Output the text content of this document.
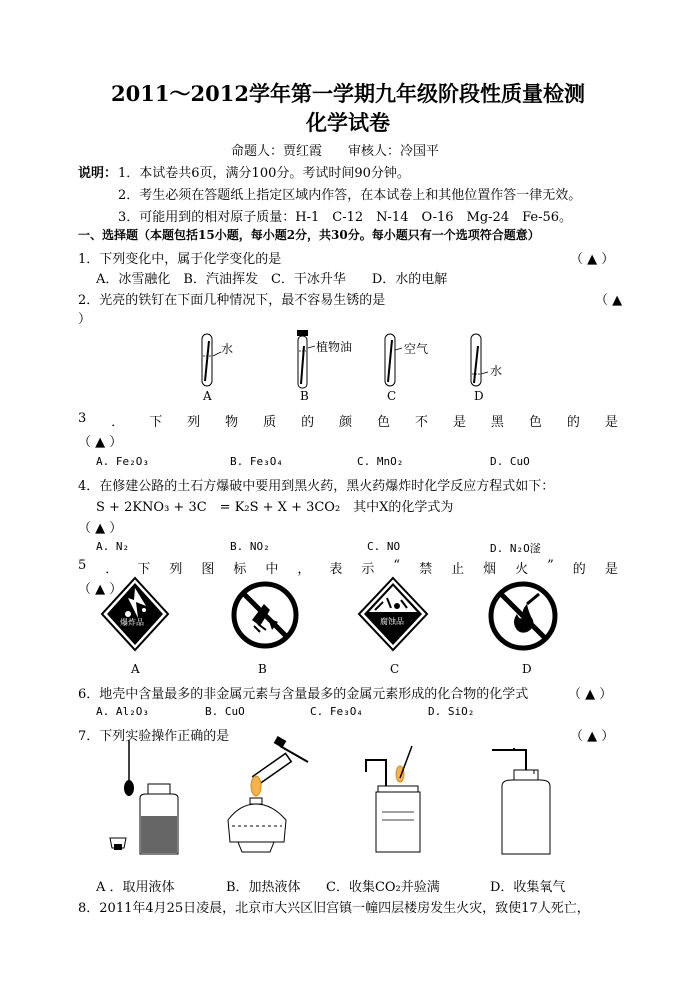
2011～2012学年第一学期九年级阶段性质量检测
化学试卷
命题人：贾红霞　　审核人：冷国平
说明： 1．本试卷共6页，满分100分。考试时间90分钟。
2．考生必须在答题纸上指定区域内作答，在本试卷上和其他位置作答一律无效。
3．可能用到的相对原子质量：H-1　C-12　N-14　O-16　Mg-24　Fe-56。
一、选择题（本题包括15小题，每小题2分，共30分。每小题只有一个选项符合题意）
1．下列变化中，属于化学变化的是	（ ▲ ）
A．冰雪融化　B．汽油挥发　C．干冰升华　　D．水的电解
2．光亮的铁钉在下面几种情况下，最不容易生锈的是	（ ▲
）
水	植物油	空气
水
A	B	C	D
3 ． 下 列 物 质 的 颜 色 不 是 黑 色 的 是
（ ▲ ）
A. Fe₂O₃	B. Fe₃O₄	C. MnO₂	D. CuO
4．在修建公路的土石方爆破中要用到黑火药，黑火药爆炸时化学反应方程式如下：
S + 2KNO₃ + 3C　= K₂S + X + 3CO₂　其中X的化学式为
（ ▲ ）
A. N₂	B. NO₂	C. NO	D. N₂O滏
5 ． 下 列 图 标 中 ， 表 示 “ 禁 止 烟 火 ” 的 是
（ ▲ ）
爆炸品	腐蚀品
A	B	C	D
6．地壳中含量最多的非金属元素与含量最多的金属元素形成的化合物的化学式	（ ▲ ）
A. Al₂O₃	B. CuO	C. Fe₃O₄	D. SiO₂
7．下列实验操作正确的是	（ ▲ ）
A ．取用液体	B．加热液体 C．收集CO₂并验满	D．收集氧气
8．2011年4月25日凌晨，北京市大兴区旧宫镇一幢四层楼房发生火灾，致使17人死亡，
